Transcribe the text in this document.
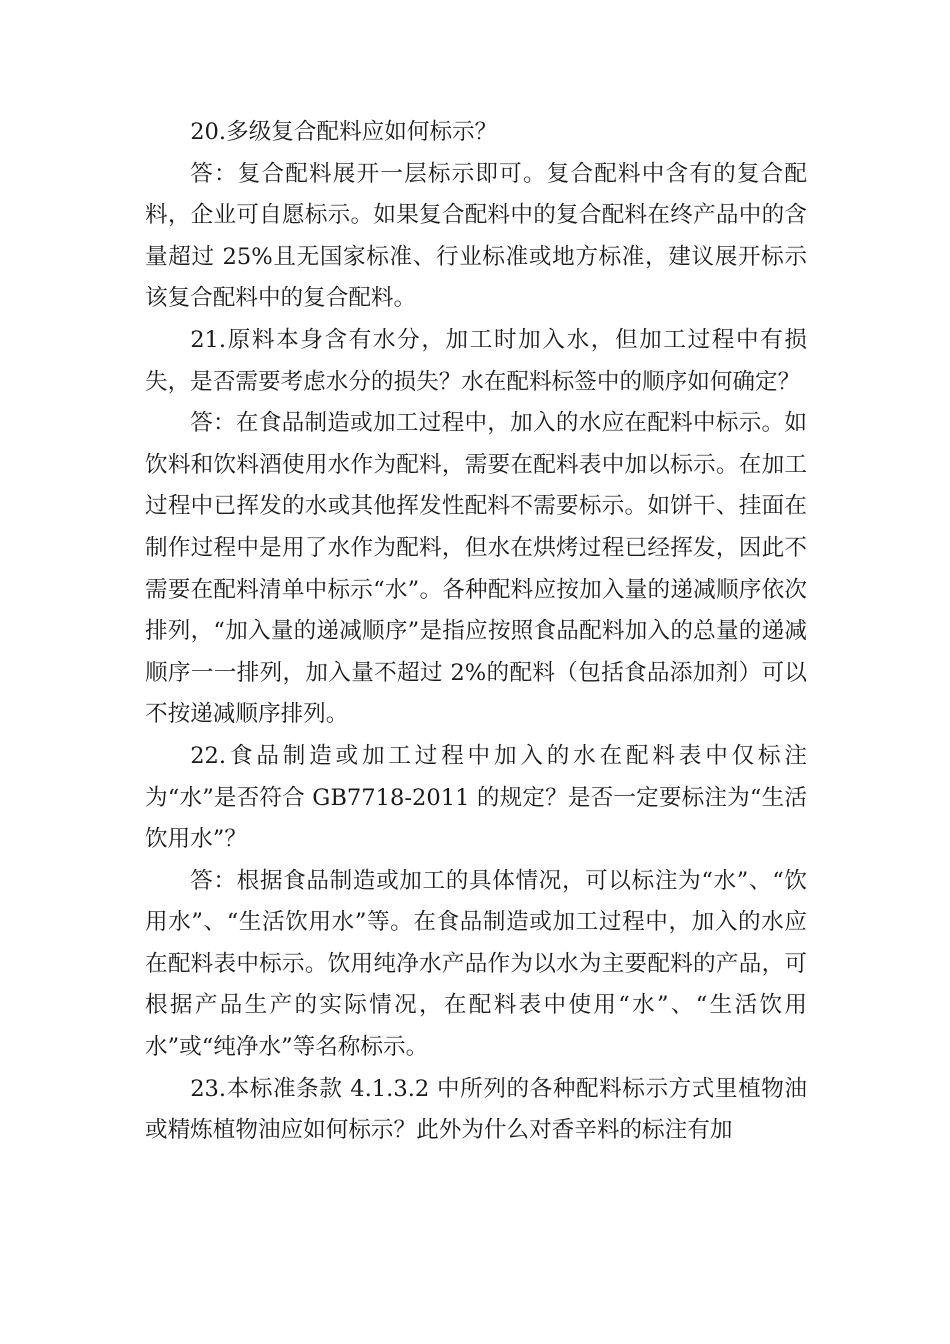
20.多级复合配料应如何标示？

答：复合配料展开一层标示即可。复合配料中含有的复合配料，企业可自愿标示。如果复合配料中的复合配料在终产品中的含量超过 25%且无国家标准、行业标准或地方标准，建议展开标示该复合配料中的复合配料。

21.原料本身含有水分，加工时加入水，但加工过程中有损失，是否需要考虑水分的损失？水在配料标签中的顺序如何确定？

答：在食品制造或加工过程中，加入的水应在配料中标示。如饮料和饮料酒使用水作为配料，需要在配料表中加以标示。在加工过程中已挥发的水或其他挥发性配料不需要标示。如饼干、挂面在制作过程中是用了水作为配料，但水在烘烤过程已经挥发，因此不需要在配料清单中标示“水”。各种配料应按加入量的递减顺序依次排列，“加入量的递减顺序”是指应按照食品配料加入的总量的递减顺序一一排列，加入量不超过 2%的配料（包括食品添加剂）可以不按递减顺序排列。

22.食品制造或加工过程中加入的水在配料表中仅标注为“水”是否符合 GB7718-2011 的规定？是否一定要标注为“生活饮用水”？

答：根据食品制造或加工的具体情况，可以标注为“水”、“饮用水”、“生活饮用水”等。在食品制造或加工过程中，加入的水应在配料表中标示。饮用纯净水产品作为以水为主要配料的产品，可根据产品生产的实际情况，在配料表中使用“水”、“生活饮用水”或“纯净水”等名称标示。

23.本标准条款 4.1.3.2 中所列的各种配料标示方式里植物油或精炼植物油应如何标示？此外为什么对香辛料的标注有加
